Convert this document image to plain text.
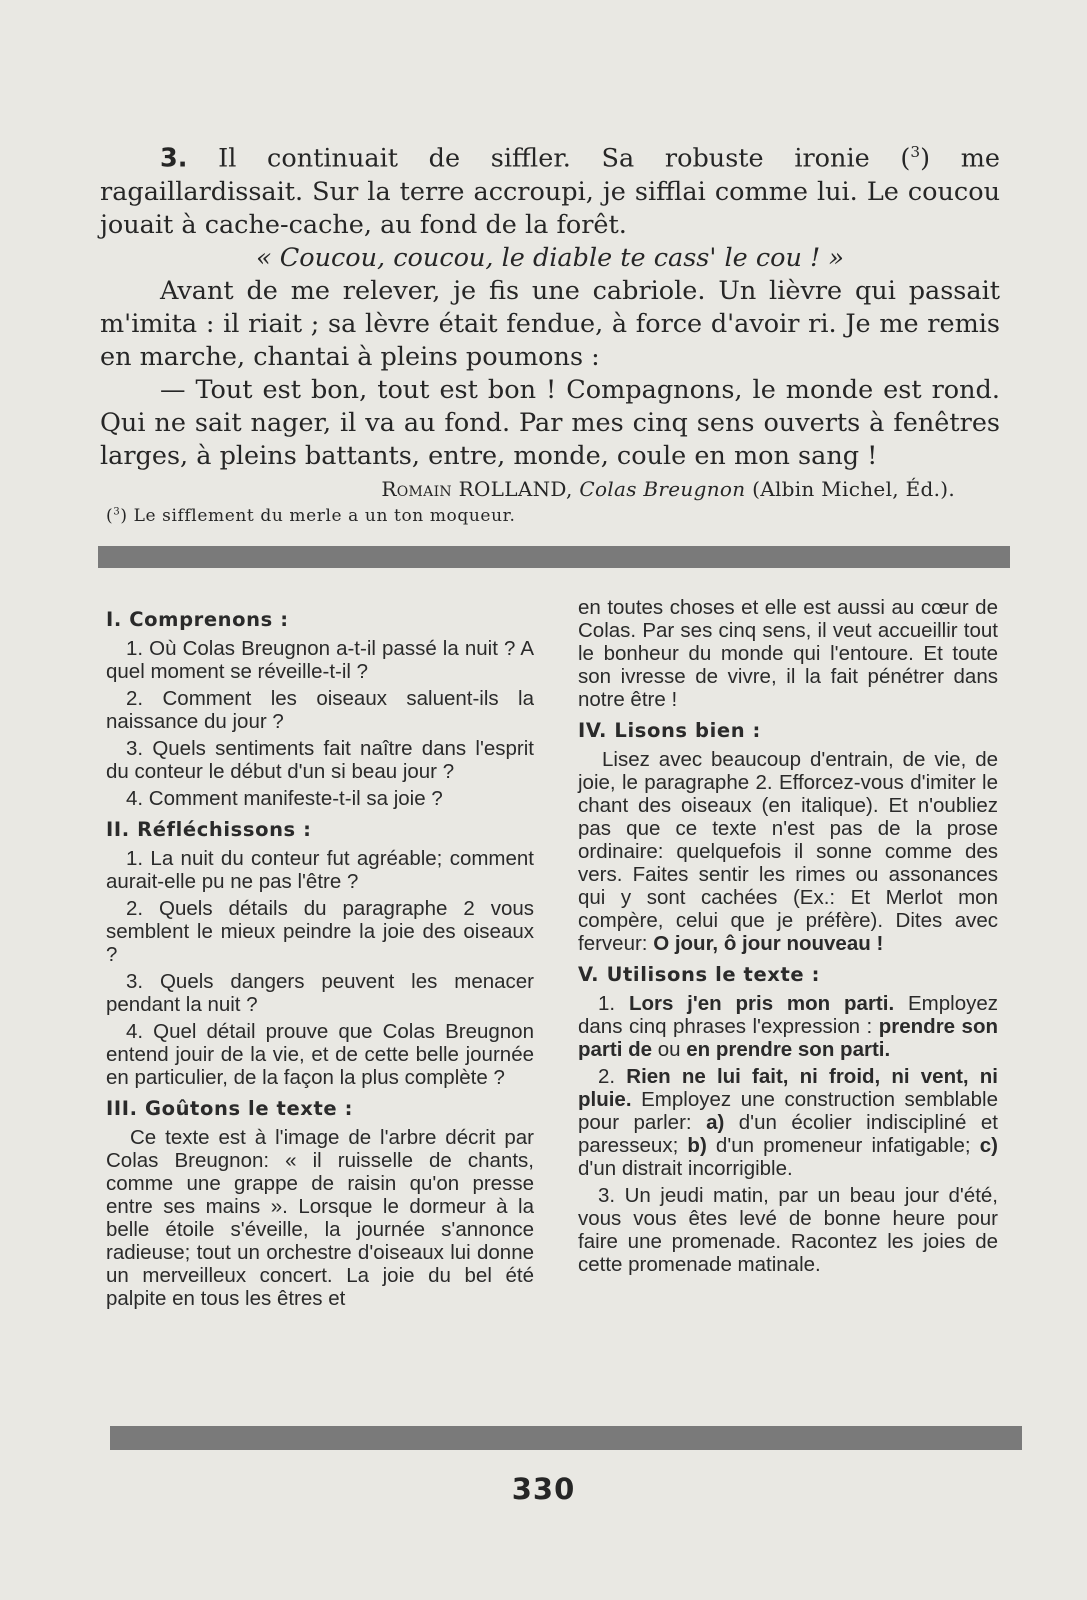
3. Il continuait de siffler. Sa robuste ironie ($^3$) me ragaillardissait. Sur la terre accroupi, je sifflai comme lui. Le coucou jouait à cache-cache, au fond de la forêt.

« Coucou, coucou, le diable te cass' le cou ! »

Avant de me relever, je fis une cabriole. Un lièvre qui passait m'imita : il riait ; sa lèvre était fendue, à force d'avoir ri. Je me remis en marche, chantai à pleins poumons :

— Tout est bon, tout est bon ! Compagnons, le monde est rond. Qui ne sait nager, il va au fond. Par mes cinq sens ouverts à fenêtres larges, à pleins battants, entre, monde, coule en mon sang !

Romain ROLLAND, Colas Breugnon (Albin Michel, Éd.).

($^3$) Le sifflement du merle a un ton moqueur.
I. Comprenons :

1. Où Colas Breugnon a-t-il passé la nuit ? A quel moment se réveille-t-il ?

2. Comment les oiseaux saluent-ils la naissance du jour ?

3. Quels sentiments fait naître dans l'esprit du conteur le début d'un si beau jour ?

4. Comment manifeste-t-il sa joie ?

II. Réfléchissons :

1. La nuit du conteur fut agréable; comment aurait-elle pu ne pas l'être ?

2. Quels détails du paragraphe 2 vous semblent le mieux peindre la joie des oiseaux ?

3. Quels dangers peuvent les menacer pendant la nuit ?

4. Quel détail prouve que Colas Breugnon entend jouir de la vie, et de cette belle journée en particulier, de la façon la plus complète ?

III. Goûtons le texte :

Ce texte est à l'image de l'arbre décrit par Colas Breugnon: « il ruisselle de chants, comme une grappe de raisin qu'on presse entre ses mains ». Lorsque le dormeur à la belle étoile s'éveille, la journée s'annonce radieuse; tout un orchestre d'oiseaux lui donne un merveilleux concert. La joie du bel été palpite en tous les êtres et

en toutes choses et elle est aussi au cœur de Colas. Par ses cinq sens, il veut accueillir tout le bonheur du monde qui l'entoure. Et toute son ivresse de vivre, il la fait pénétrer dans notre être !

IV. Lisons bien :

Lisez avec beaucoup d'entrain, de vie, de joie, le paragraphe 2. Efforcez-vous d'imiter le chant des oiseaux (en italique). Et n'oubliez pas que ce texte n'est pas de la prose ordinaire: quelquefois il sonne comme des vers. Faites sentir les rimes ou assonances qui y sont cachées (Ex.: Et Merlot mon compère, celui que je préfère). Dites avec ferveur: O jour, ô jour nouveau !

V. Utilisons le texte :

1. Lors j'en pris mon parti. Employez dans cinq phrases l'expression : prendre son parti de ou en prendre son parti.

2. Rien ne lui fait, ni froid, ni vent, ni pluie. Employez une construction semblable pour parler: a) d'un écolier indiscipliné et paresseux; b) d'un promeneur infatigable; c) d'un distrait incorrigible.

3. Un jeudi matin, par un beau jour d'été, vous vous êtes levé de bonne heure pour faire une promenade. Racontez les joies de cette promenade matinale.

330
